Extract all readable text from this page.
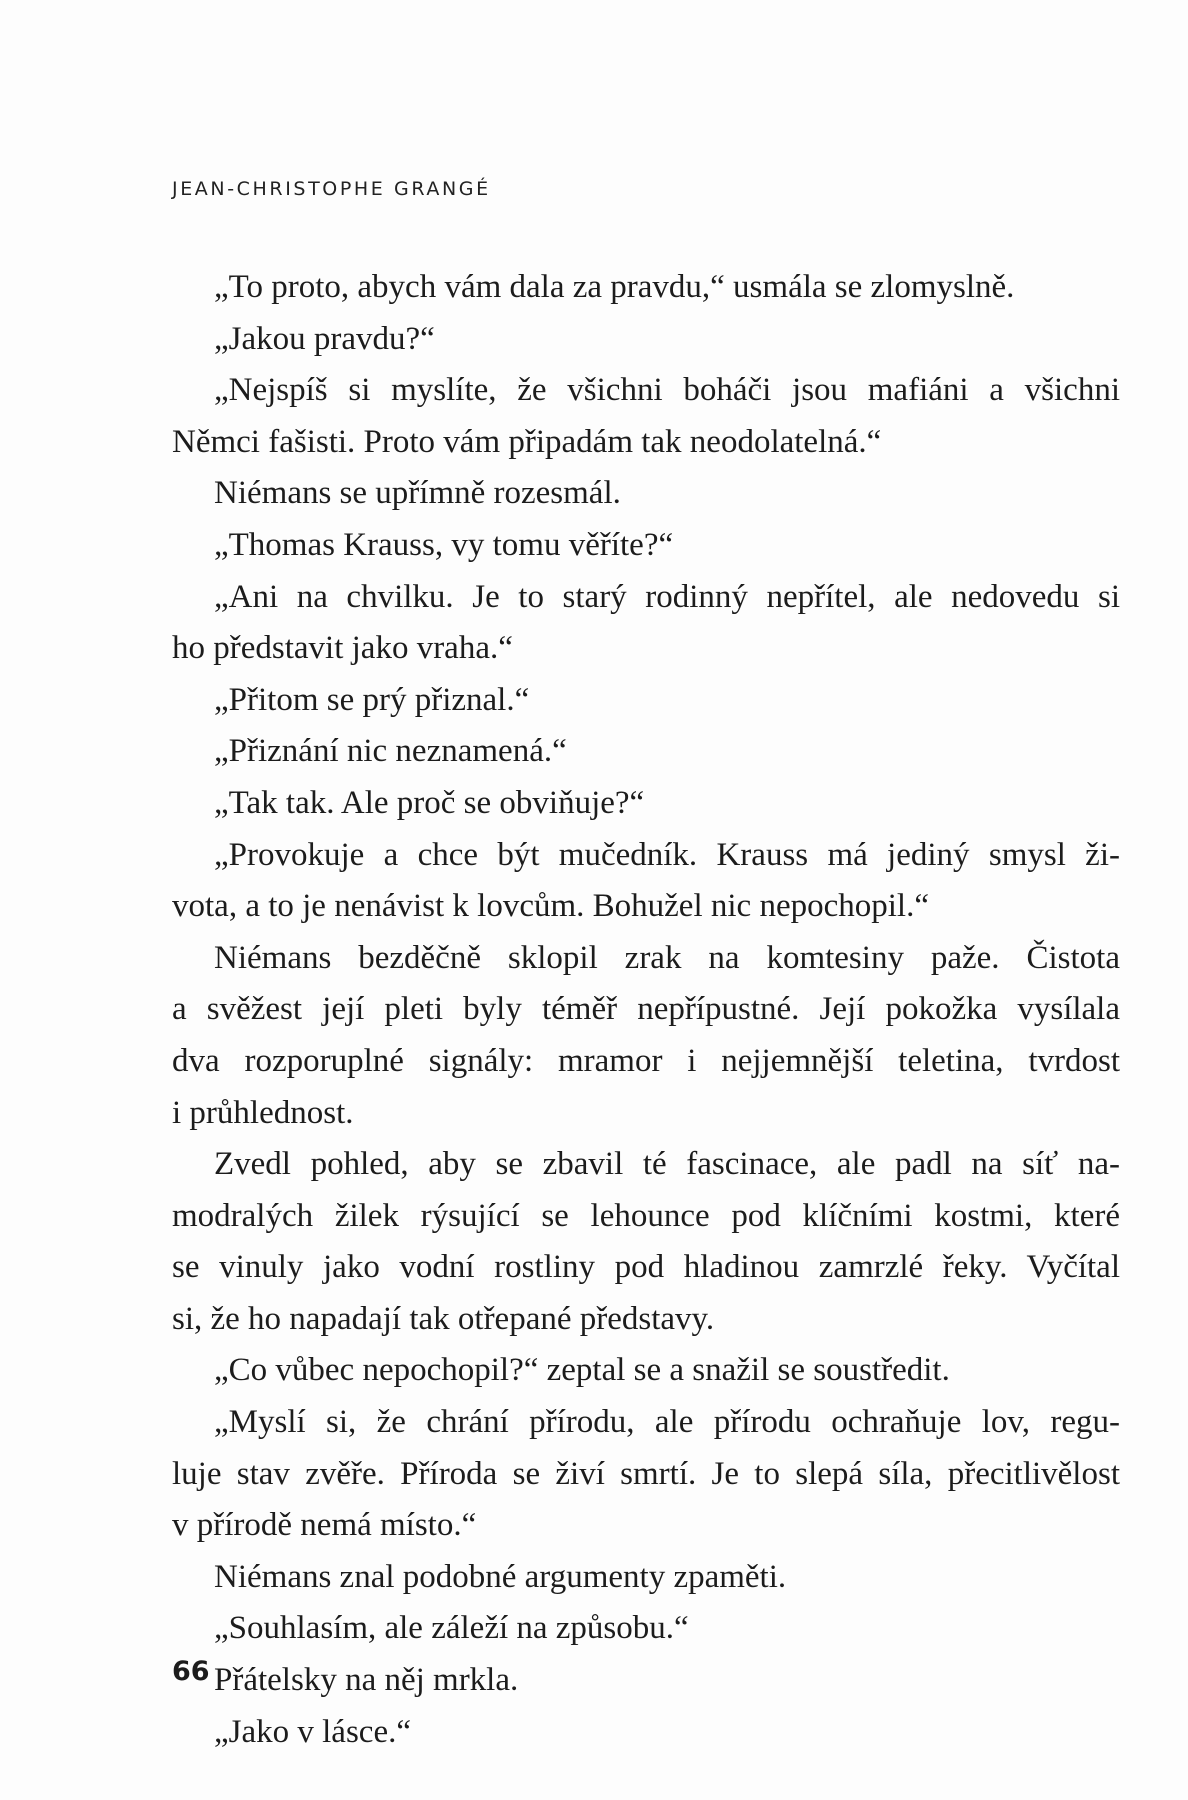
JEAN-CHRISTOPHE GRANGÉ
„To proto, abych vám dala za pravdu,“ usmála se zlomyslně.
„Jakou pravdu?“
„Nejspíš si myslíte, že všichni boháči jsou mafiáni a všichni
Němci fašisti. Proto vám připadám tak neodolatelná.“
Niémans se upřímně rozesmál.
„Thomas Krauss, vy tomu věříte?“
„Ani na chvilku. Je to starý rodinný nepřítel, ale nedovedu si
ho představit jako vraha.“
„Přitom se prý přiznal.“
„Přiznání nic neznamená.“
„Tak tak. Ale proč se obviňuje?“
„Provokuje a chce být mučedník. Krauss má jediný smysl ži-
vota, a to je nenávist k lovcům. Bohužel nic nepochopil.“
Niémans bezděčně sklopil zrak na komtesiny paže. Čistota
a svěžest její pleti byly téměř nepřípustné. Její pokožka vysílala
dva rozporuplné signály: mramor i nejjemnější teletina, tvrdost
i průhlednost.
Zvedl pohled, aby se zbavil té fascinace, ale padl na síť na-
modralých žilek rýsující se lehounce pod klíčními kostmi, které
se vinuly jako vodní rostliny pod hladinou zamrzlé řeky. Vyčítal
si, že ho napadají tak otřepané představy.
„Co vůbec nepochopil?“ zeptal se a snažil se soustředit.
„Myslí si, že chrání přírodu, ale přírodu ochraňuje lov, regu-
luje stav zvěře. Příroda se živí smrtí. Je to slepá síla, přecitlivělost
v přírodě nemá místo.“
Niémans znal podobné argumenty zpaměti.
„Souhlasím, ale záleží na způsobu.“
Přátelsky na něj mrkla.
„Jako v lásce.“
66
